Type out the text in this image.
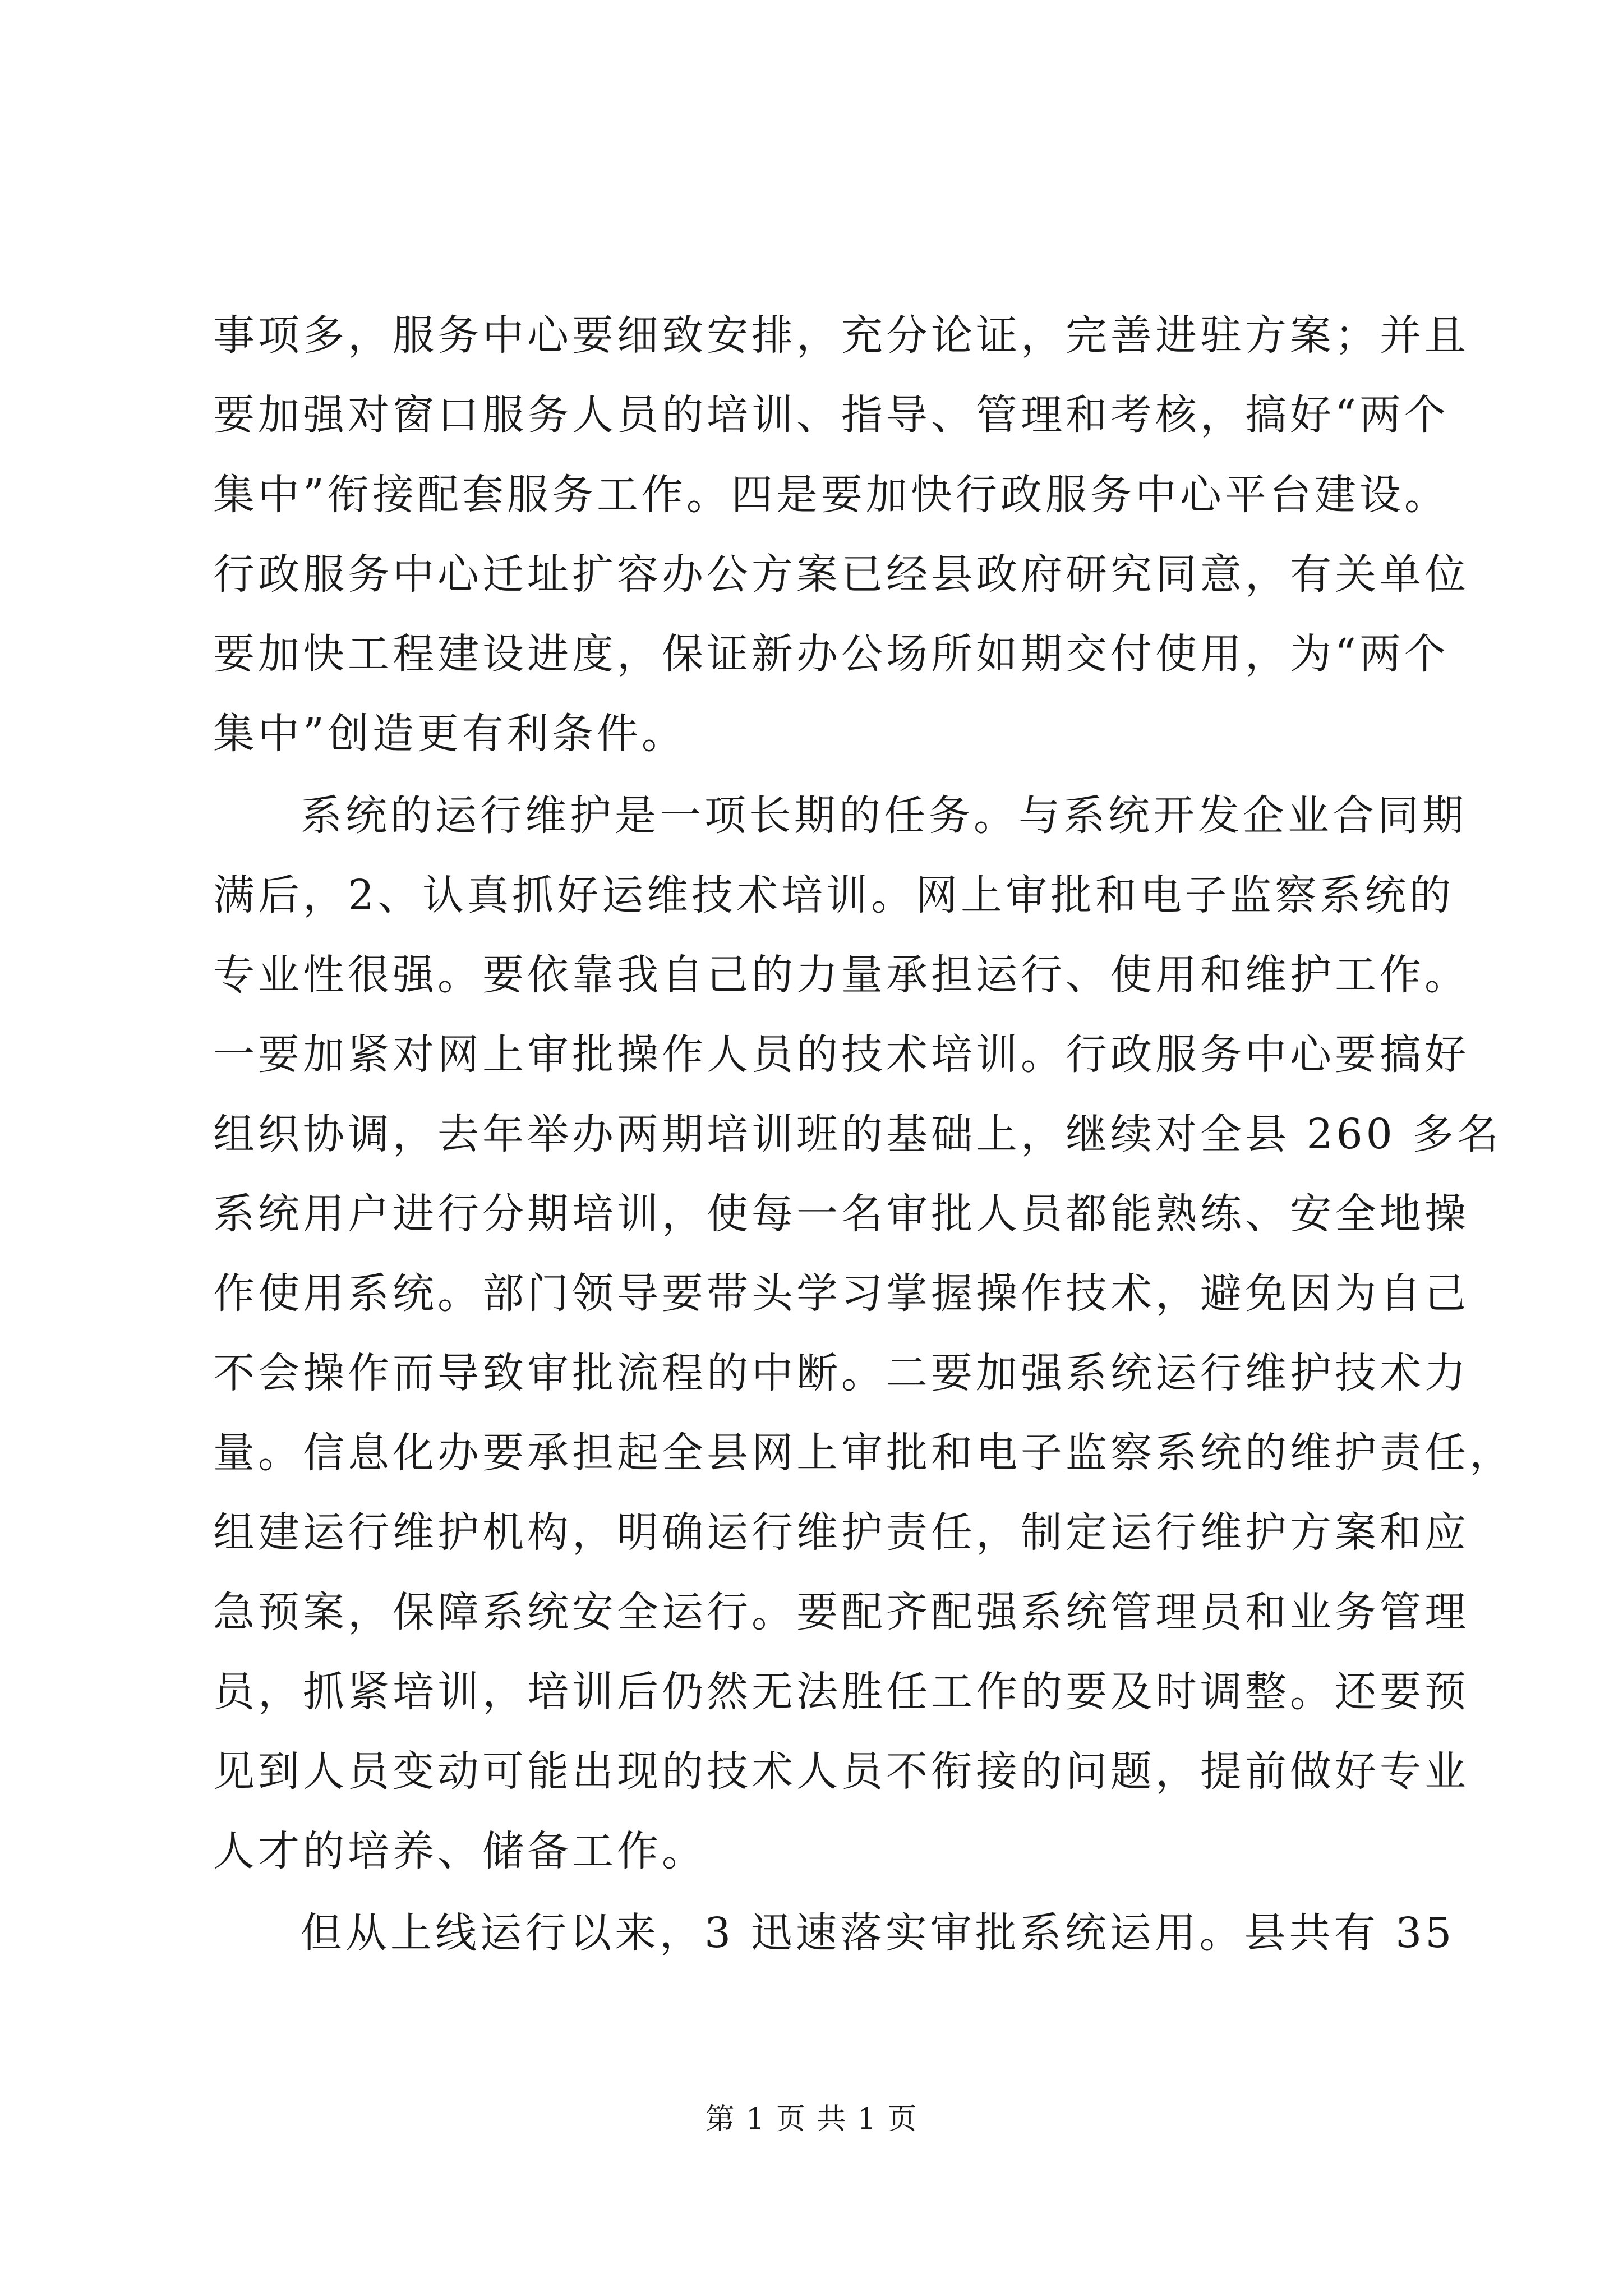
事项多，服务中心要细致安排，充分论证，完善进驻方案；并且
要加强对窗口服务人员的培训、指导、管理和考核，搞好“两个
集中”衔接配套服务工作。四是要加快行政服务中心平台建设。
行政服务中心迁址扩容办公方案已经县政府研究同意，有关单位
要加快工程建设进度，保证新办公场所如期交付使用，为“两个
集中”创造更有利条件。
系统的运行维护是一项长期的任务。与系统开发企业合同期
满后，2、认真抓好运维技术培训。网上审批和电子监察系统的
专业性很强。要依靠我自己的力量承担运行、使用和维护工作。
一要加紧对网上审批操作人员的技术培训。行政服务中心要搞好
组织协调，去年举办两期培训班的基础上，继续对全县 260 多名
系统用户进行分期培训，使每一名审批人员都能熟练、安全地操
作使用系统。部门领导要带头学习掌握操作技术，避免因为自己
不会操作而导致审批流程的中断。二要加强系统运行维护技术力
量。信息化办要承担起全县网上审批和电子监察系统的维护责任，
组建运行维护机构，明确运行维护责任，制定运行维护方案和应
急预案，保障系统安全运行。要配齐配强系统管理员和业务管理
员，抓紧培训，培训后仍然无法胜任工作的要及时调整。还要预
见到人员变动可能出现的技术人员不衔接的问题，提前做好专业
人才的培养、储备工作。
但从上线运行以来，3 迅速落实审批系统运用。县共有 35
第 1 页 共 1 页
